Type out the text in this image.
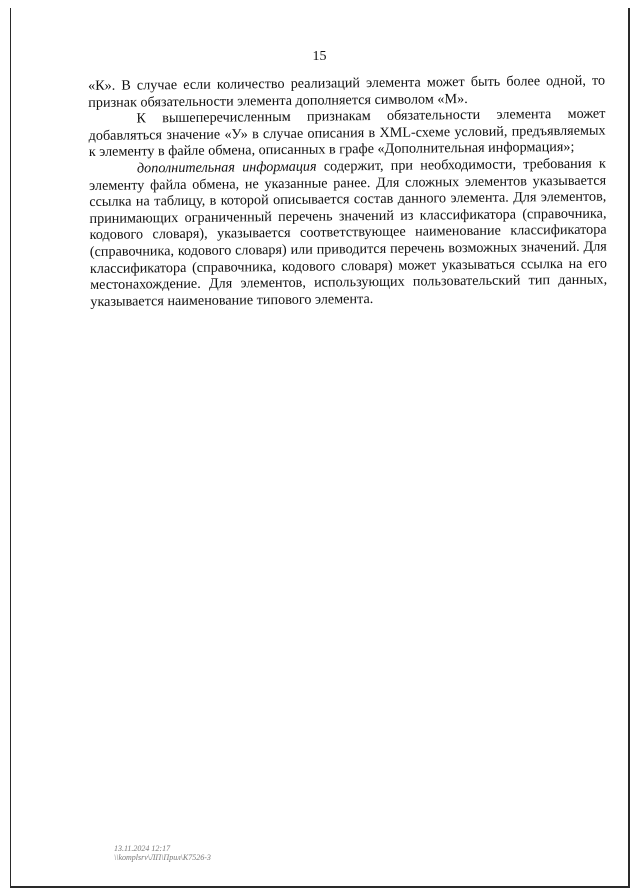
15

«К». В случае если количество реализаций элемента может быть более одной, то признак обязательности элемента дополняется символом «М».

К вышеперечисленным признакам обязательности элемента может добавляться значение «У» в случае описания в XML-схеме условий, предъявляемых к элементу в файле обмена, описанных в графе «Дополнительная информация»;

дополнительная информация содержит, при необходимости, требования к элементу файла обмена, не указанные ранее. Для сложных элементов указывается ссылка на таблицу, в которой описывается состав данного элемента. Для элементов, принимающих ограниченный перечень значений из классификатора (справочника, кодового словаря), указывается соответствующее наименование классификатора (справочника, кодового словаря) или приводится перечень возможных значений. Для классификатора (справочника, кодового словаря) может указываться ссылка на его местонахождение. Для элементов, использующих пользовательский тип данных, указывается наименование типового элемента.

13.11.2024 12:17
\\komplsrv\ЛП\Прил\К7526-3
